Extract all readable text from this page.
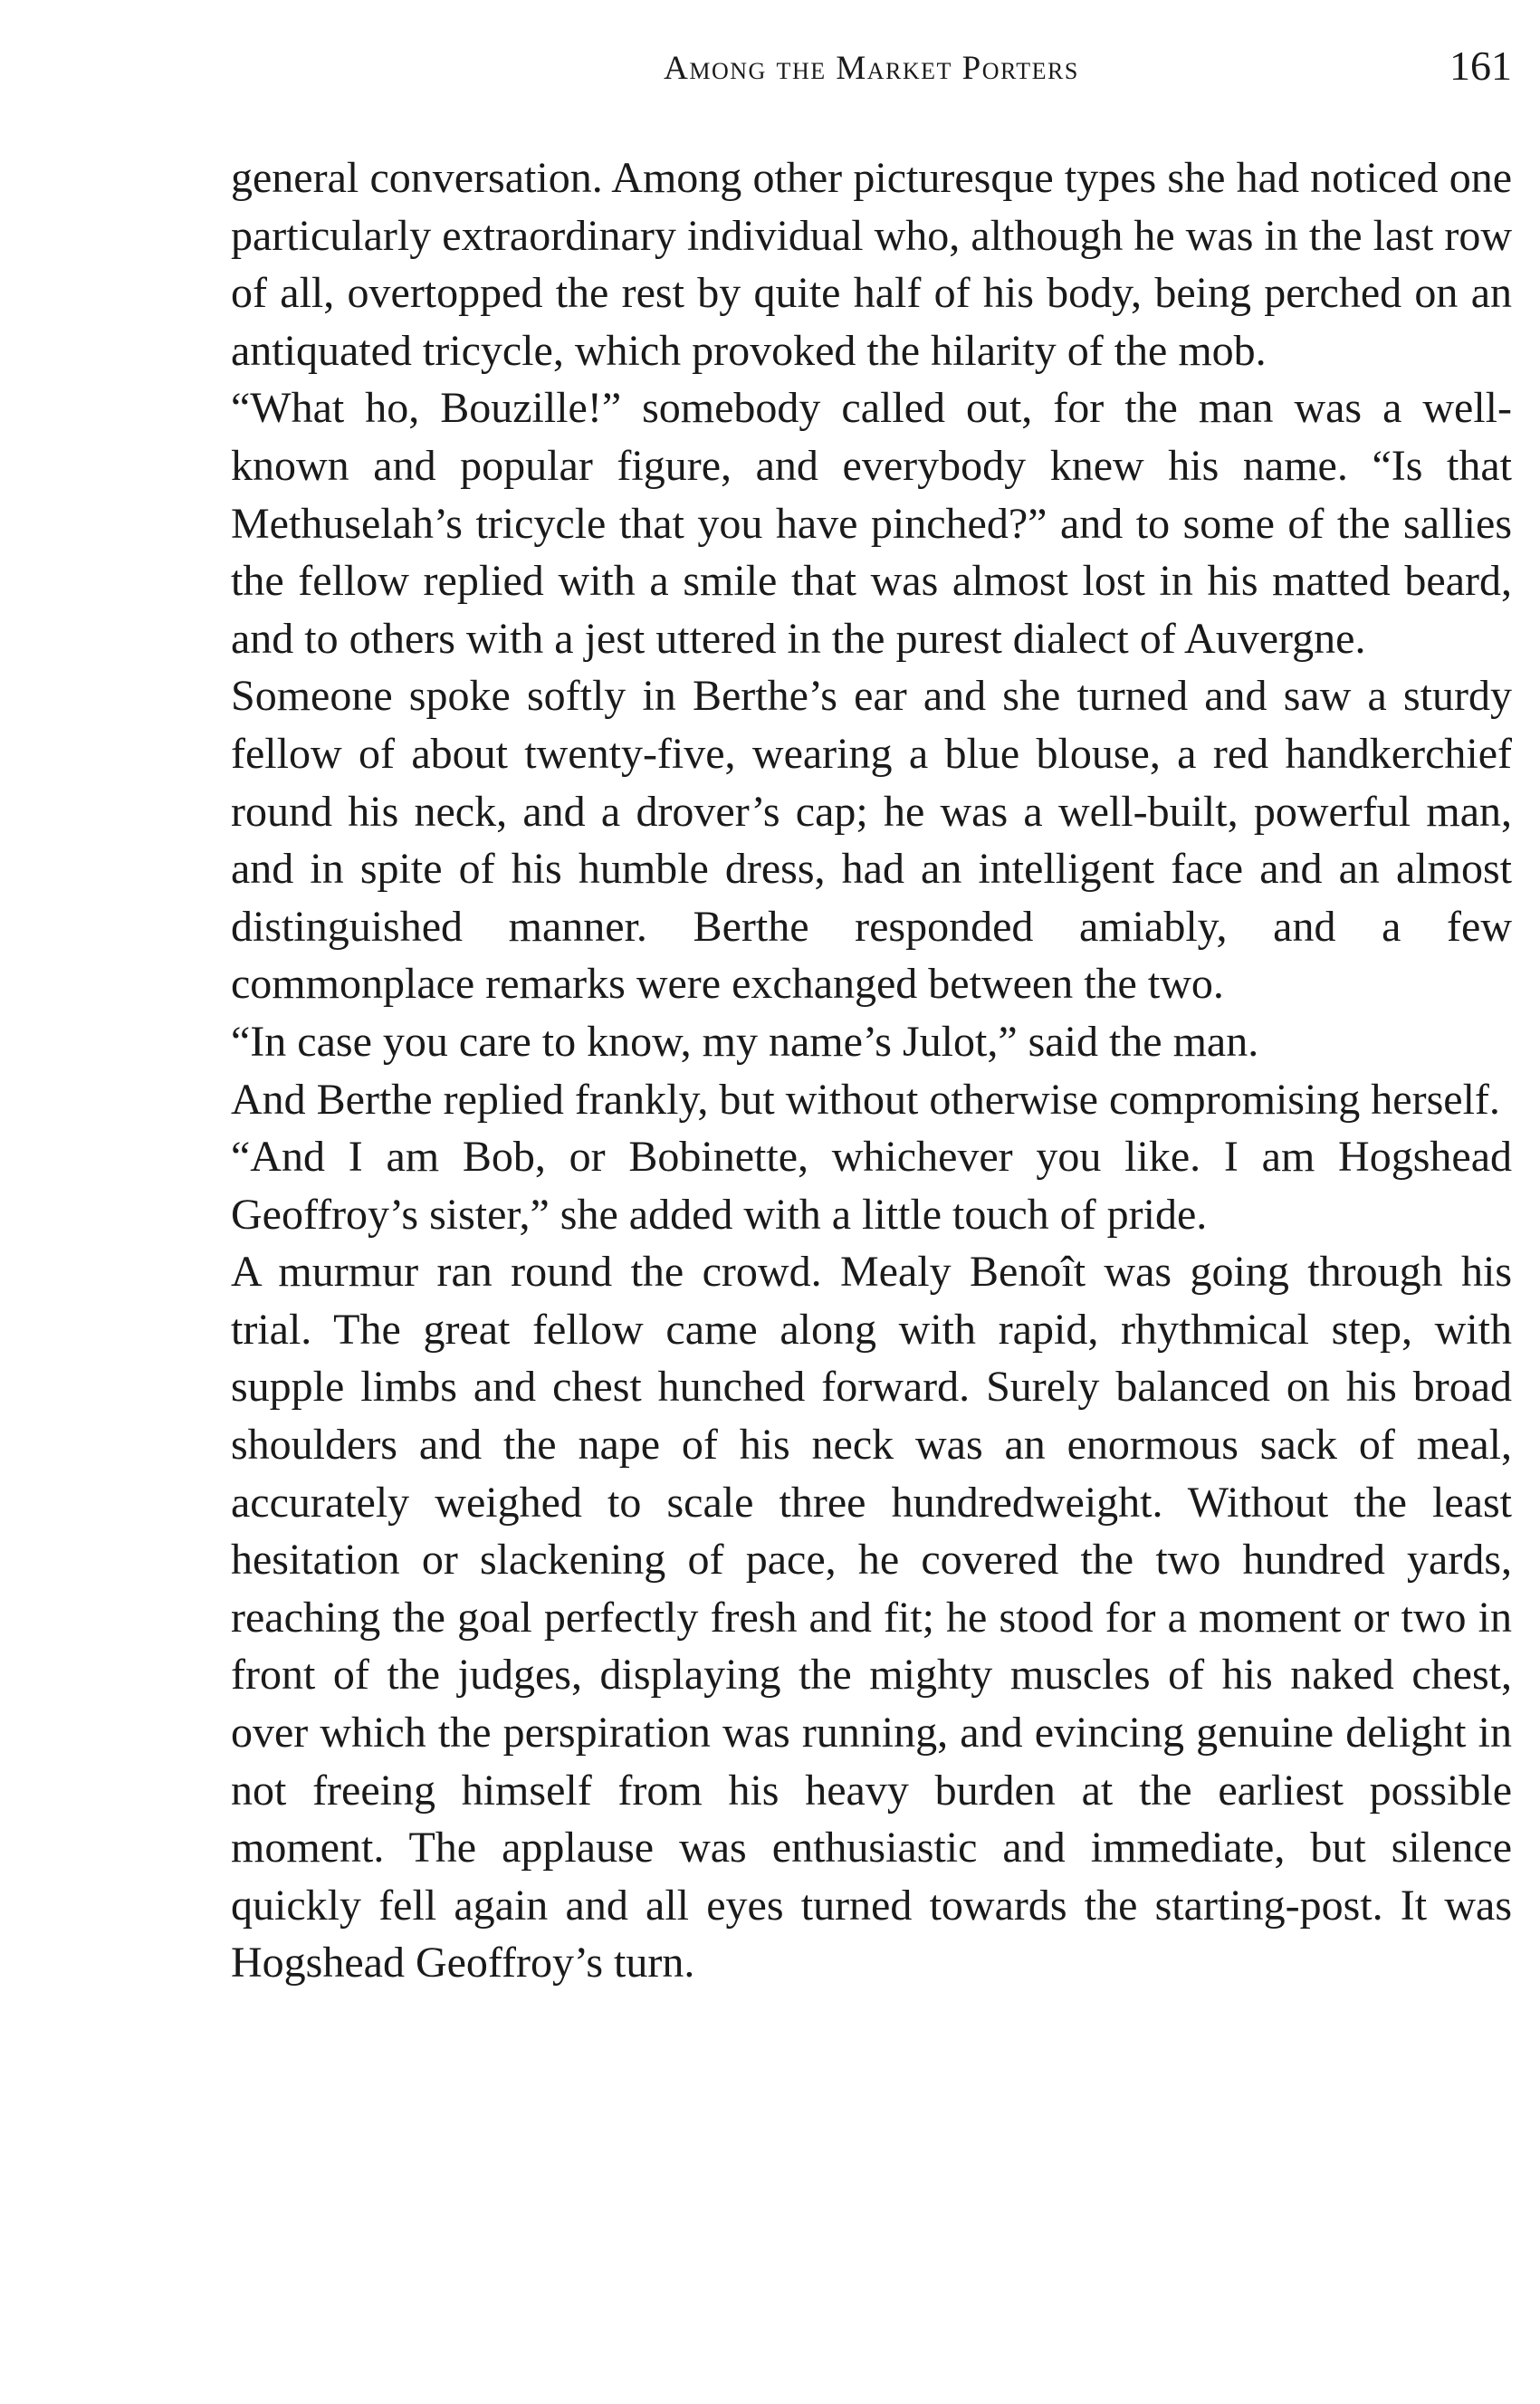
Among the Market Porters	161

general conversation. Among other picturesque types she had noticed one particularly extraordinary individual who, although he was in the last row of all, overtopped the rest by quite half of his body, being perched on an antiquated tricycle, which provoked the hilarity of the mob.

“What ho, Bouzille!” somebody called out, for the man was a well-known and popular figure, and everybody knew his name. “Is that Methuselah’s tricycle that you have pinched?” and to some of the sallies the fellow replied with a smile that was almost lost in his matted beard, and to others with a jest uttered in the purest dialect of Auvergne.

Someone spoke softly in Berthe’s ear and she turned and saw a sturdy fellow of about twenty-five, wearing a blue blouse, a red handkerchief round his neck, and a drover’s cap; he was a well-built, powerful man, and in spite of his humble dress, had an intelligent face and an almost distinguished manner. Berthe responded amiably, and a few commonplace remarks were exchanged between the two.

“In case you care to know, my name’s Julot,” said the man.

And Berthe replied frankly, but without otherwise compromising herself.

“And I am Bob, or Bobinette, whichever you like. I am Hogshead Geoffroy’s sister,” she added with a little touch of pride.

A murmur ran round the crowd. Mealy Benoît was going through his trial. The great fellow came along with rapid, rhythmical step, with supple limbs and chest hunched forward. Surely balanced on his broad shoulders and the nape of his neck was an enormous sack of meal, accurately weighed to scale three hundredweight. Without the least hesitation or slackening of pace, he covered the two hundred yards, reaching the goal perfectly fresh and fit; he stood for a moment or two in front of the judges, displaying the mighty muscles of his naked chest, over which the perspiration was running, and evincing genuine delight in not freeing himself from his heavy burden at the earliest possible moment. The applause was enthusiastic and immediate, but silence quickly fell again and all eyes turned towards the starting-post. It was Hogshead Geoffroy’s turn.
